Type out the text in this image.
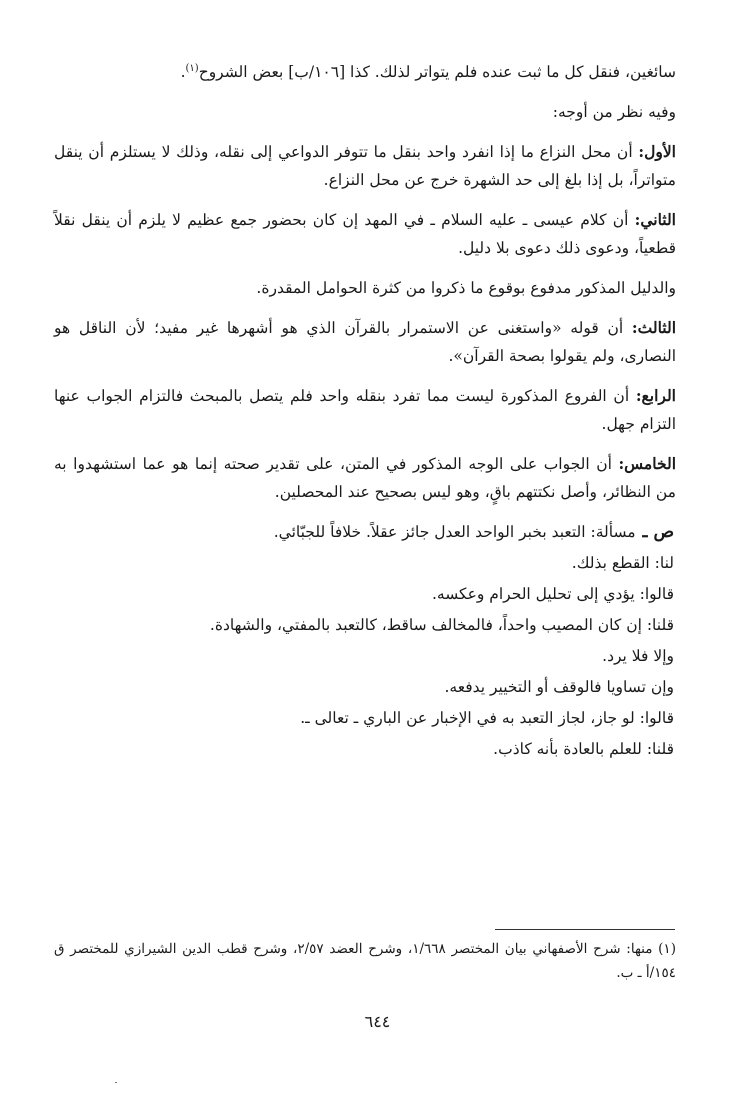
سائغين، فنقل كل ما ثبت عنده فلم يتواتر لذلك. كذا [١٠٦/ب] بعض الشروح$^{(١)}$.

وفيه نظر من أوجه:

الأول: أن محل النزاع ما إذا انفرد واحد بنقل ما تتوفر الدواعي إلى نقله، وذلك لا يستلزم أن ينقل متواتراً، بل إذا بلغ إلى حد الشهرة خرج عن محل النزاع.

الثاني: أن كلام عيسى ـ عليه السلام ـ في المهد إن كان بحضور جمع عظيم لا يلزم أن ينقل نقلاً قطعياً، ودعوى ذلك دعوى بلا دليل.

والدليل المذكور مدفوع بوقوع ما ذكروا من كثرة الحوامل المقدرة.

الثالث: أن قوله «واستغنى عن الاستمرار بالقرآن الذي هو أشهرها غير مفيد؛ لأن الناقل هو النصارى، ولم يقولوا بصحة القرآن».

الرابع: أن الفروع المذكورة ليست مما تفرد بنقله واحد فلم يتصل بالمبحث فالتزام الجواب عنها التزام جهل.

الخامس: أن الجواب على الوجه المذكور في المتن، على تقدير صحته إنما هو عما استشهدوا به من النظائر، وأصل نكتتهم باقٍ، وهو ليس بصحيح عند المحصلين.

ص ـ مسألة: التعبد بخبر الواحد العدل جائز عقلاً. خلافاً للجبّائي.

لنا: القطع بذلك.

قالوا: يؤدي إلى تحليل الحرام وعكسه.

قلنا: إن كان المصيب واحداً، فالمخالف ساقط، كالتعبد بالمفتي، والشهادة.

وإلا فلا يرد.

وإن تساويا فالوقف أو التخيير يدفعه.

قالوا: لو جاز، لجاز التعبد به في الإخبار عن الباري ـ تعالى ـ.

قلنا: للعلم بالعادة بأنه كاذب.

(١) منها: شرح الأصفهاني بيان المختصر ١/٦٦٨، وشرح العضد ٢/٥٧، وشرح قطب الدين الشيرازي للمختصر ق ١٥٤/أ ـ ب.
٦٤٤
